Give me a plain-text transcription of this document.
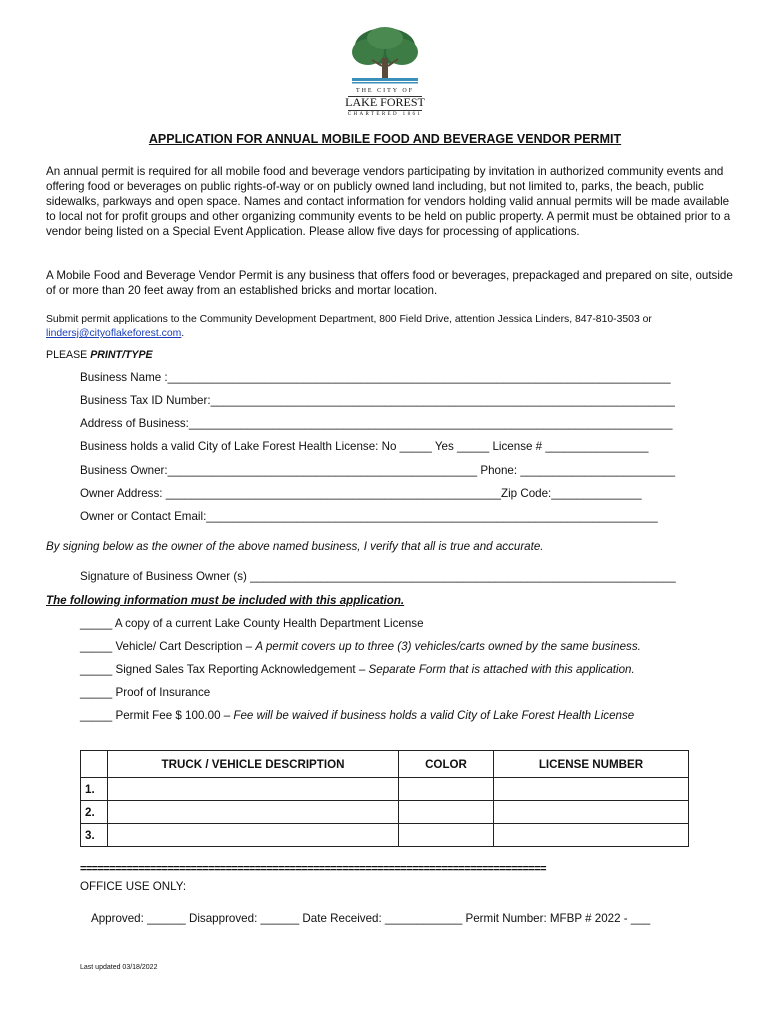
THE CITY OF
LAKE FOREST
CHARTERED 1861
APPLICATION FOR ANNUAL MOBILE FOOD AND BEVERAGE VENDOR PERMIT

An annual permit is required for all mobile food and beverage vendors participating by invitation in authorized community events and offering food or beverages on public rights-of-way or on publicly owned land including, but not limited to, parks, the beach, public sidewalks, parkways and open space. Names and contact information for vendors holding valid annual permits will be made available to local not for profit groups and other organizing community events to be held on public property. A permit must be obtained prior to a vendor being listed on a Special Event Application. Please allow five days for processing of applications.

A Mobile Food and Beverage Vendor Permit is any business that offers food or beverages, prepackaged and prepared on site, outside of or more than 20 feet away from an established bricks and mortar location.

Submit permit applications to the Community Development Department, 800 Field Drive, attention Jessica Linders, 847-810-3503 or lindersj@cityoflakeforest.com.

PLEASE PRINT/TYPE
Business Name :______________________________________________________________________________
Business Tax ID Number:________________________________________________________________________
Address of Business:___________________________________________________________________________
Business holds a valid City of Lake Forest Health License: No _____ Yes _____ License # ________________
Business Owner:________________________________________________ Phone: ________________________
Owner Address: ____________________________________________________Zip Code:______________
Owner or Contact Email:______________________________________________________________________
By signing below as the owner of the above named business, I verify that all is true and accurate.
Signature of Business Owner (s) __________________________________________________________________
The following information must be included with this application.
_____ A copy of a current Lake County Health Department License
_____ Vehicle/ Cart Description – A permit covers up to three (3) vehicles/carts owned by the same business.
_____ Signed Sales Tax Reporting Acknowledgement – Separate Form that is attached with this application.
_____ Proof of Insurance
_____ Permit Fee $ 100.00 – Fee will be waived if business holds a valid City of Lake Forest Health License
	TRUCK / VEHICLE DESCRIPTION	COLOR	LICENSE NUMBER
1.			
2.			
3.			
================================================================================
OFFICE USE ONLY:
Approved: ______ Disapproved: ______ Date Received: ____________ Permit Number: MFBP # 2022 - ___
Last updated 03/18/2022
